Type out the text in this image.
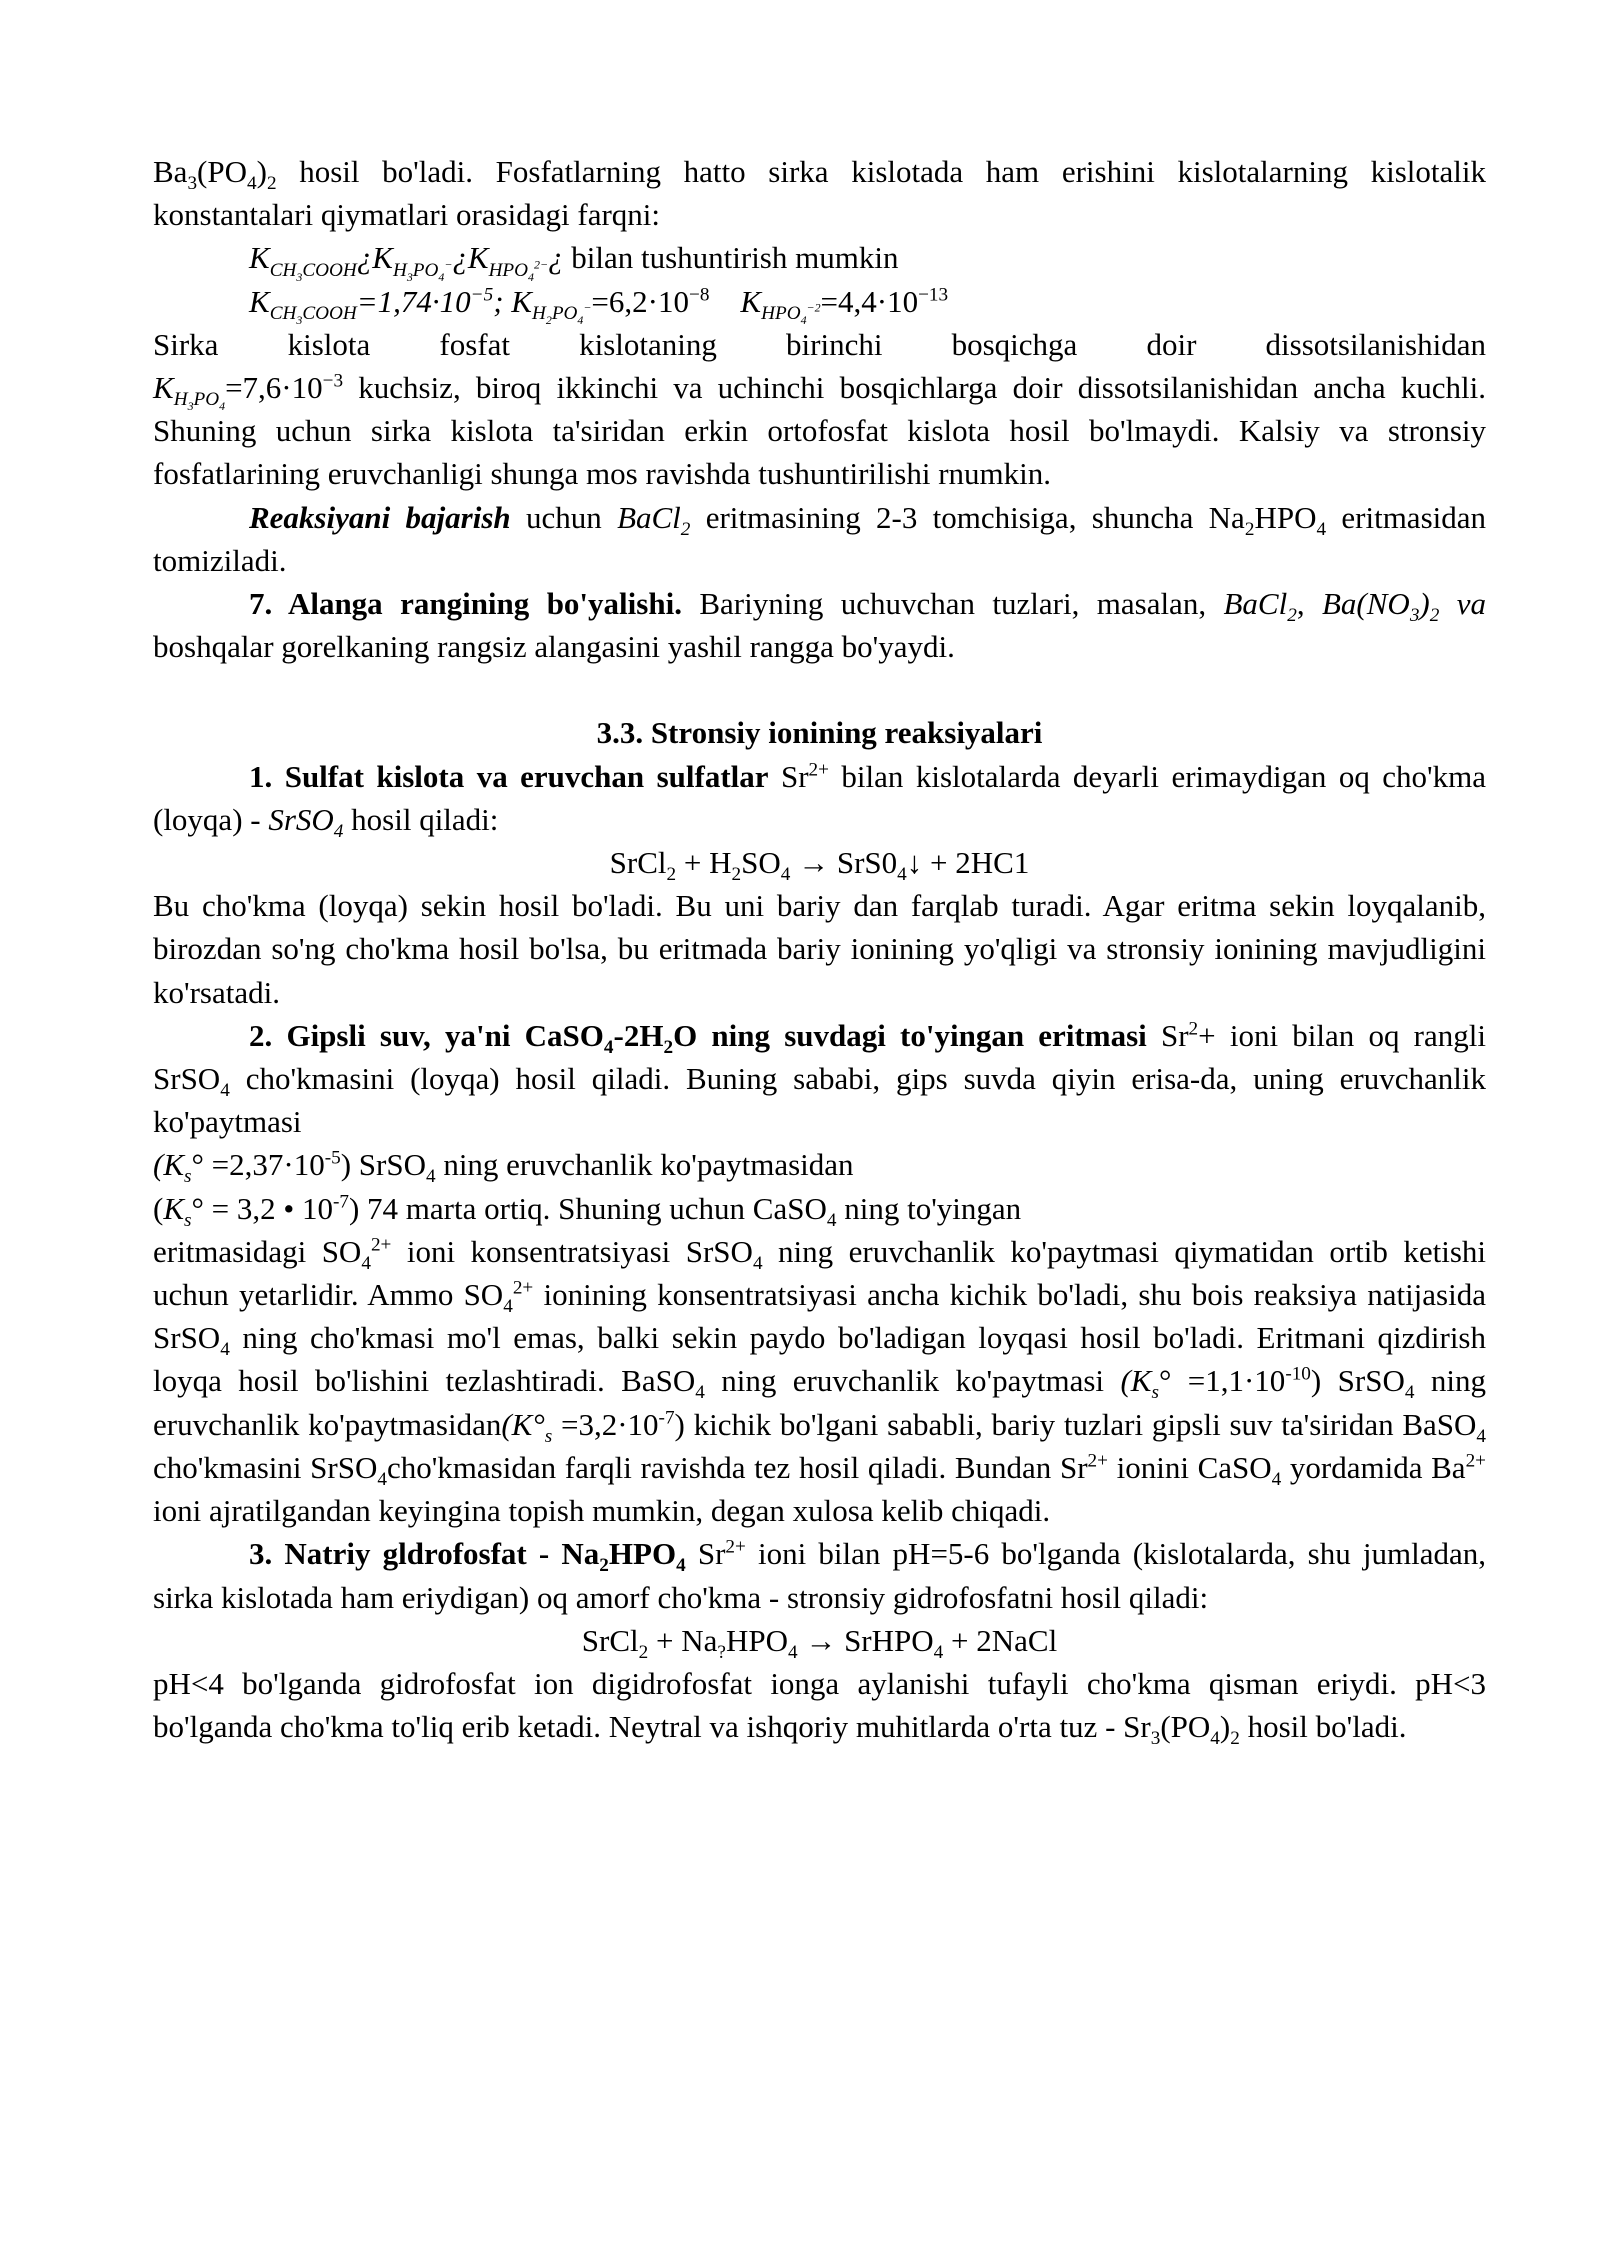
$Ba_3(PO_4)_2$ hosil bo'ladi. Fosfatlarning hatto sirka kislotada ham erishini kislotalarning kislotalik konstantalari qiymatlari orasidagi farqni:

$K_{CH_3COOH}¿K_{H_3PO_4^-}¿K_{HPO_4^{2-}}¿$ bilan tushuntirish mumkin
$K_{CH_3COOH}=1,74\cdot 10^{-5}$; $K_{H_2PO_4^-}=6,2\cdot 10^{-8}$ $K_{HPO_4^{-2}}=4,4\cdot 10^{-13}$

Sirka kislota fosfat kislotaning birinchi bosqichga doir dissotsilanishidan

$K_{H_3PO_4}=7,6\cdot 10^{-3}$ kuchsiz, biroq ikkinchi va uchinchi bosqichlarga doir dissotsilanishidan ancha kuchli. Shuning uchun sirka kislota ta'siridan erkin ortofosfat kislota hosil bo'lmaydi. Kalsiy va stronsiy fosfatlarining eruvchanligi shunga mos ravishda tushuntirilishi rnumkin.

Reaksiyani bajarish uchun BaCl$_2$ eritmasining 2-3 tomchisiga, shuncha $Na_2HPO_4$ eritmasidan tomiziladi.

7. Alanga rangining bo'yalishi. Bariyning uchuvchan tuzlari, masalan, BaCl$_2$, $Ba(NO_3)_2$ va boshqalar gorelkaning rangsiz alangasini yashil rangga bo'yaydi.

3.3. Stronsiy ionining reaksiyalari

1. Sulfat kislota va eruvchan sulfatlar $Sr^{2+}$ bilan kislotalarda deyarli erimaydigan oq cho'kma (loyqa) - SrSO$_4$ hosil qiladi:

SrCl$_2$ + $H_2SO_4$ → $SrS0_4↓ + 2HC1$

Bu cho'kma (loyqa) sekin hosil bo'ladi. Bu uni bariy dan farqlab turadi. Agar eritma sekin loyqalanib, birozdan so'ng cho'kma hosil bo'lsa, bu eritmada bariy ionining yo'qligi va stronsiy ionining mavjudligini ko'rsatadi.

2. Gipsli suv, ya'ni $CaSO_4-2H_2O$ ning suvdagi to'yingan eritmasi $Sr^2+$ ioni bilan oq rangli SrSO$_4$ cho'kmasini (loyqa) hosil qiladi. Buning sababi, gips suvda qiyin erisa-da, uning eruvchanlik ko'paytmasi

$(K_s^\circ =2,37\cdot 10^{-5})$ SrSO$_4$ ning eruvchanlik ko'paytmasidan

($K_s^\circ = 3,2$ • $10^{-7}$) 74 marta ortiq. Shuning uchun CaSO$_4$ ning to'yingan

eritmasidagi $SO_4^{2+}$ ioni konsentratsiyasi SrSO$_4$ ning eruvchanlik ko'paytmasi qiymatidan ortib ketishi uchun yetarlidir. Ammo $SO_4^{2+}$ ionining konsentratsiyasi ancha kichik bo'ladi, shu bois reaksiya natijasida SrSO$_4$ ning cho'kmasi mo'l emas, balki sekin paydo bo'ladigan loyqasi hosil bo'ladi. Eritmani qizdirish loyqa hosil bo'lishini tezlashtiradi. BaSO$_4$ ning eruvchanlik ko'paytmasi $(K_s^\circ =1,1\cdot 10^{-10})$ SrSO$_4$ ning eruvchanlik $ko'paytmasidan(K^\circ_s =3,2\cdot 10^{-7})$ kichik bo'lgani sababli, bariy tuzlari gipsli suv ta'siridan BaSO$_4$ cho'kmasini SrSO$_4$cho'kmasidan farqli ravishda tez hosil qiladi. Bundan $Sr^{2+}$ ionini CaSO$_4$ yordamida $Ba^{2+}$ ioni ajratilgandan keyingina topish mumkin, degan xulosa kelib chiqadi.

3. Natriy gldrofosfat - $Na_2HPO_4$ $Sr^{2+}$ ioni bilan pH=5-6 bo'lganda (kislotalarda, shu jumladan, sirka kislotada ham eriydigan) oq amorf cho'kma - stronsiy gidrofosfatni hosil qiladi:

SrCl$_2$ + $Na_?HPO_4$ → SrHPO$_4$ + 2NaCl

pH<4 bo'lganda gidrofosfat ion digidrofosfat ionga aylanishi tufayli cho'kma qisman eriydi. pH<3 bo'lganda cho'kma to'liq erib ketadi. Neytral va ishqoriy muhitlarda o'rta tuz - $Sr_3(PO_4)_2$ hosil bo'ladi.
